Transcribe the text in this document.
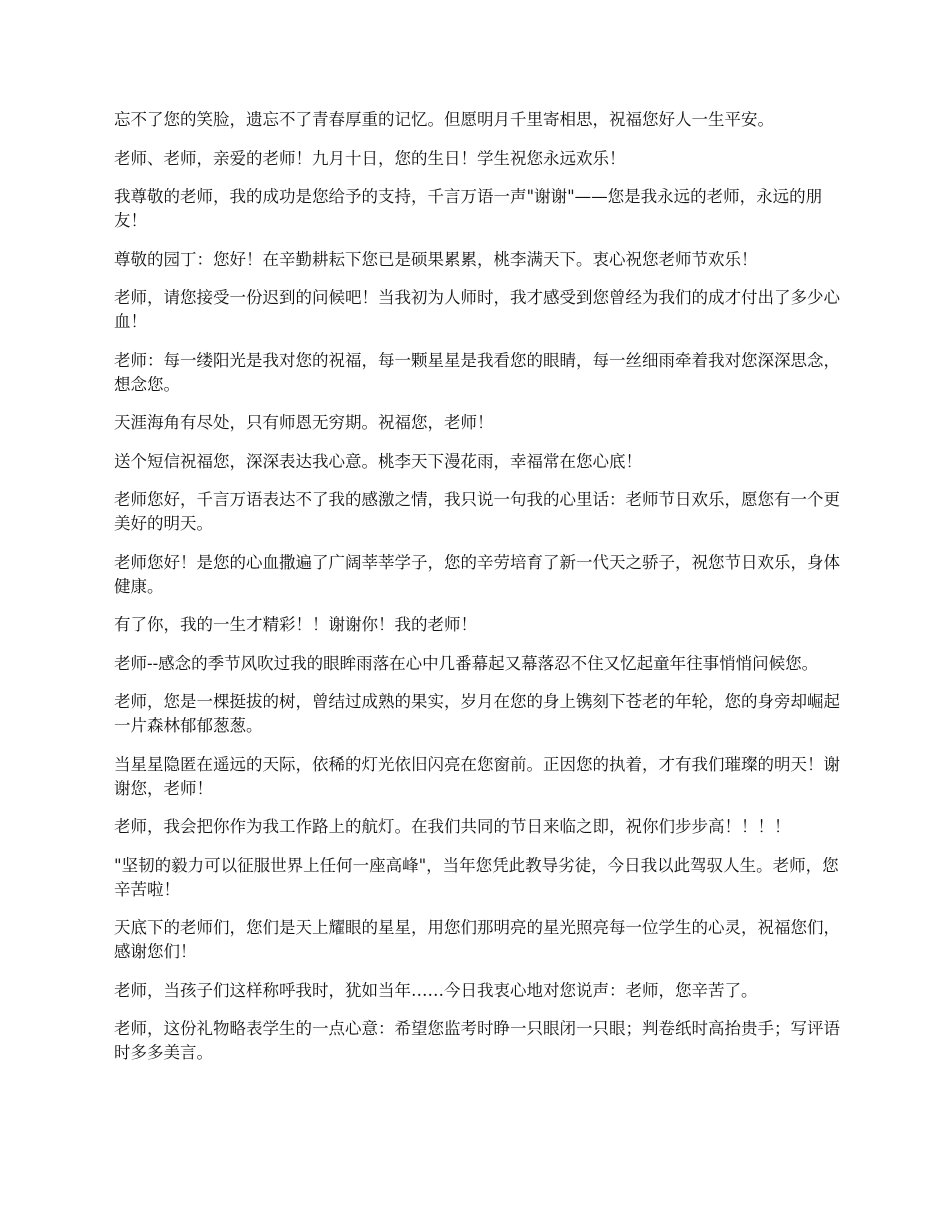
忘不了您的笑脸，遗忘不了青春厚重的记忆。但愿明月千里寄相思，祝福您好人一生平安。

老师、老师，亲爱的老师！九月十日，您的生日！学生祝您永远欢乐！

我尊敬的老师，我的成功是您给予的支持，千言万语一声"谢谢"——您是我永远的老师，永远的朋友！

尊敬的园丁：您好！在辛勤耕耘下您已是硕果累累，桃李满天下。衷心祝您老师节欢乐！

老师，请您接受一份迟到的问候吧！当我初为人师时，我才感受到您曾经为我们的成才付出了多少心血！

老师：每一缕阳光是我对您的祝福，每一颗星星是我看您的眼睛，每一丝细雨牵着我对您深深思念，想念您。

天涯海角有尽处，只有师恩无穷期。祝福您，老师！

送个短信祝福您，深深表达我心意。桃李天下漫花雨，幸福常在您心底！

老师您好，千言万语表达不了我的感激之情，我只说一句我的心里话：老师节日欢乐，愿您有一个更美好的明天。

老师您好！是您的心血撒遍了广阔莘莘学子，您的辛劳培育了新一代天之骄子，祝您节日欢乐，身体健康。

有了你，我的一生才精彩！！谢谢你！我的老师！

老师--感念的季节风吹过我的眼眸雨落在心中几番幕起又幕落忍不住又忆起童年往事悄悄问候您。

老师，您是一棵挺拔的树，曾结过成熟的果实，岁月在您的身上镌刻下苍老的年轮，您的身旁却崛起一片森林郁郁葱葱。

当星星隐匿在遥远的天际，依稀的灯光依旧闪亮在您窗前。正因您的执着，才有我们璀璨的明天！谢谢您，老师！

老师，我会把你作为我工作路上的航灯。在我们共同的节日来临之即，祝你们步步高！！！！

"坚韧的毅力可以征服世界上任何一座高峰"，当年您凭此教导劣徒，今日我以此驾驭人生。老师，您辛苦啦！

天底下的老师们，您们是天上耀眼的星星，用您们那明亮的星光照亮每一位学生的心灵，祝福您们，感谢您们！

老师，当孩子们这样称呼我时，犹如当年……今日我衷心地对您说声：老师，您辛苦了。

老师，这份礼物略表学生的一点心意：希望您监考时睁一只眼闭一只眼；判卷纸时高抬贵手；写评语时多多美言。
